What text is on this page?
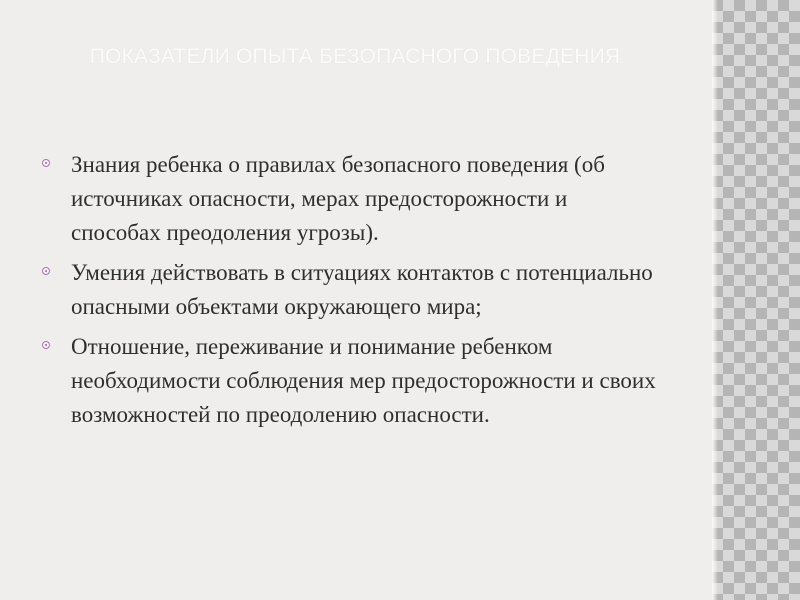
ПОКАЗАТЕЛИ ОПЫТА БЕЗОПАСНОГО ПОВЕДЕНИЯ
Знания ребенка о правилах безопасного поведения (об источниках опасности, мерах предосторожности и способах преодоления угрозы).
Умения действовать в ситуациях контактов с потенциально опасными объектами окружающего мира;
Отношение, переживание и понимание ребенком необходимости соблюдения мер предосторожности и своих возможностей по преодолению опасности.
